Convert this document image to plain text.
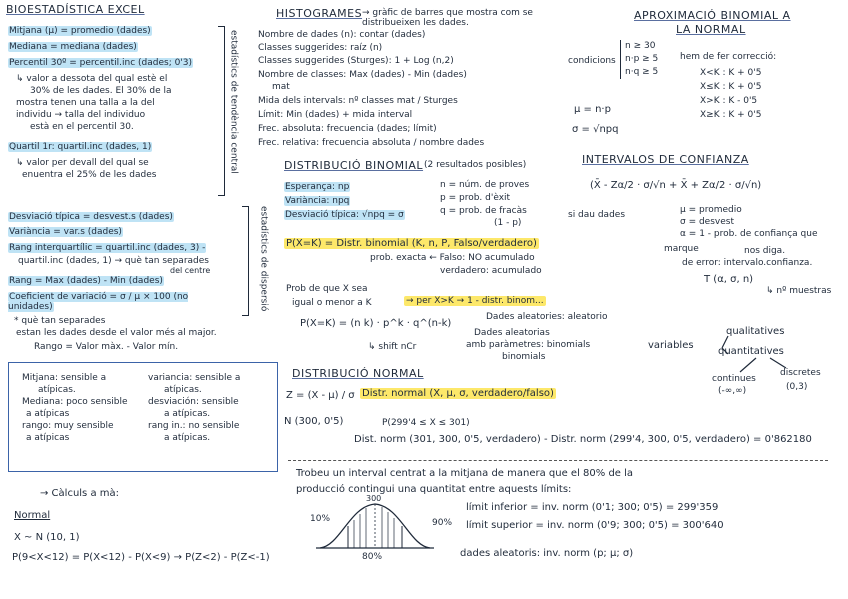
BIOESTADÍSTICA EXCEL
Mitjana (μ) = promedio (dades)
Mediana = mediana (dades)
Percentil 30º = percentil.inc (dades; 0'3)
↳ valor a dessota del qual estè el
30% de les dades. El 30% de la
mostra tenen una talla a la del
individu → talla del individuo
està en el percentil 30.
Quartil 1r: quartil.inc (dades, 1)
↳ valor per devall del qual se
enuentra el 25% de les dades
estadístics de tendència central
Desviació típica = desvest.s (dades)
Variància = var.s (dades)
Rang interquartílic = quartil.inc (dades, 3) -
quartil.inc (dades, 1) → què tan separades
del centre
Rang = Max (dades) - Min (dades)
Coeficient de variació = σ / μ × 100 (no unidades)
* què tan separades
estan les dades desde el valor més al major.
Rango = Valor màx. - Valor mín.
estadístics de dispersió
Mitjana: sensible a
atípicas.
Mediana: poco sensible
a atípicas
rango: muy sensible
a atípicas
variancia: sensible a
atípicas.
desviación: sensible
a atípicas.
rang in.: no sensible
a atípicas.
→ Càlculs a mà:
Normal
X ~ N (10, 1)
P(9<X<12) = P(X<12) - P(X<9) → P(Z<2) - P(Z<-1)
HISTOGRAMES → gràfic de barres que mostra com se distribueixen les dades.
Nombre de dades (n): contar (dades)
Classes suggerides: raíz (n)
Classes suggerides (Sturges): 1 + Log (n,2)
Nombre de classes: Max (dades) - Min (dades)
mat
Mida dels intervals: nº classes mat / Sturges
Límit: Min (dades) + mida interval
Frec. absoluta: frecuencia (dades; límit)
Frec. relativa: frecuencia absoluta / nombre dades
DISTRIBUCIÓ BINOMIAL (2 resultados posibles)
Esperança: np
Variància: npq
Desviació típica: √npq = σ
n = núm. de proves
p = prob. d'èxit
q = prob. de fracàs
(1 - p)
P(X=K) = Distr. binomial (K, n, P, Falso/verdadero)
prob. exacta ← Falso: NO acumulado
verdadero: acumulado
Prob de que X sea
igual o menor a K	→ per X>K → 1 - distr. binom...
P(X=K) = (n k) · p^k · q^(n-k)
↳ shift nCr
APROXIMACIÓ BINOMIAL A
LA NORMAL
condicions
n ≥ 30
n·p ≥ 5
n·q ≥ 5
hem de fer correcció:
X<K : K + 0'5
X≤K : K + 0'5
X>K : K - 0'5
X≥K : K + 0'5
μ = n·p
σ = √npq
INTERVALOS DE CONFIANZA
(X̄ - Zα/2 · σ/√n + X̄ + Zα/2 · σ/√n)
si dau dades	μ = promedio
σ = desvest
α = 1 - prob. de confiança que
marque	nos diga.
de error: intervalo.confianza.
T (α, σ, n)
↳ nº muestras
Dades aleatories: aleatorio
Dades aleatorias
amb paràmetres: binomials
binomials
variables
qualitatives
quantitatives
continues
(-∞,∞)
discretes
(0,3)
DISTRIBUCIÓ NORMAL
Z = (X - μ) / σ Distr. normal (X, μ, σ, verdadero/falso)
N (300, 0'5)	P(299'4 ≤ X ≤ 301)
Dist. norm (301, 300, 0'5, verdadero) - Distr. norm (299'4, 300, 0'5, verdadero) = 0'862180
Trobeu un interval centrat a la mitjana de manera que el 80% de la
producció contingui una quantitat entre aquests límits:
10%	90%
80%
300
límit inferior = inv. norm (0'1; 300; 0'5) = 299'359
límit superior = inv. norm (0'9; 300; 0'5) = 300'640
dades aleatoris: inv. norm (p; μ; σ)
